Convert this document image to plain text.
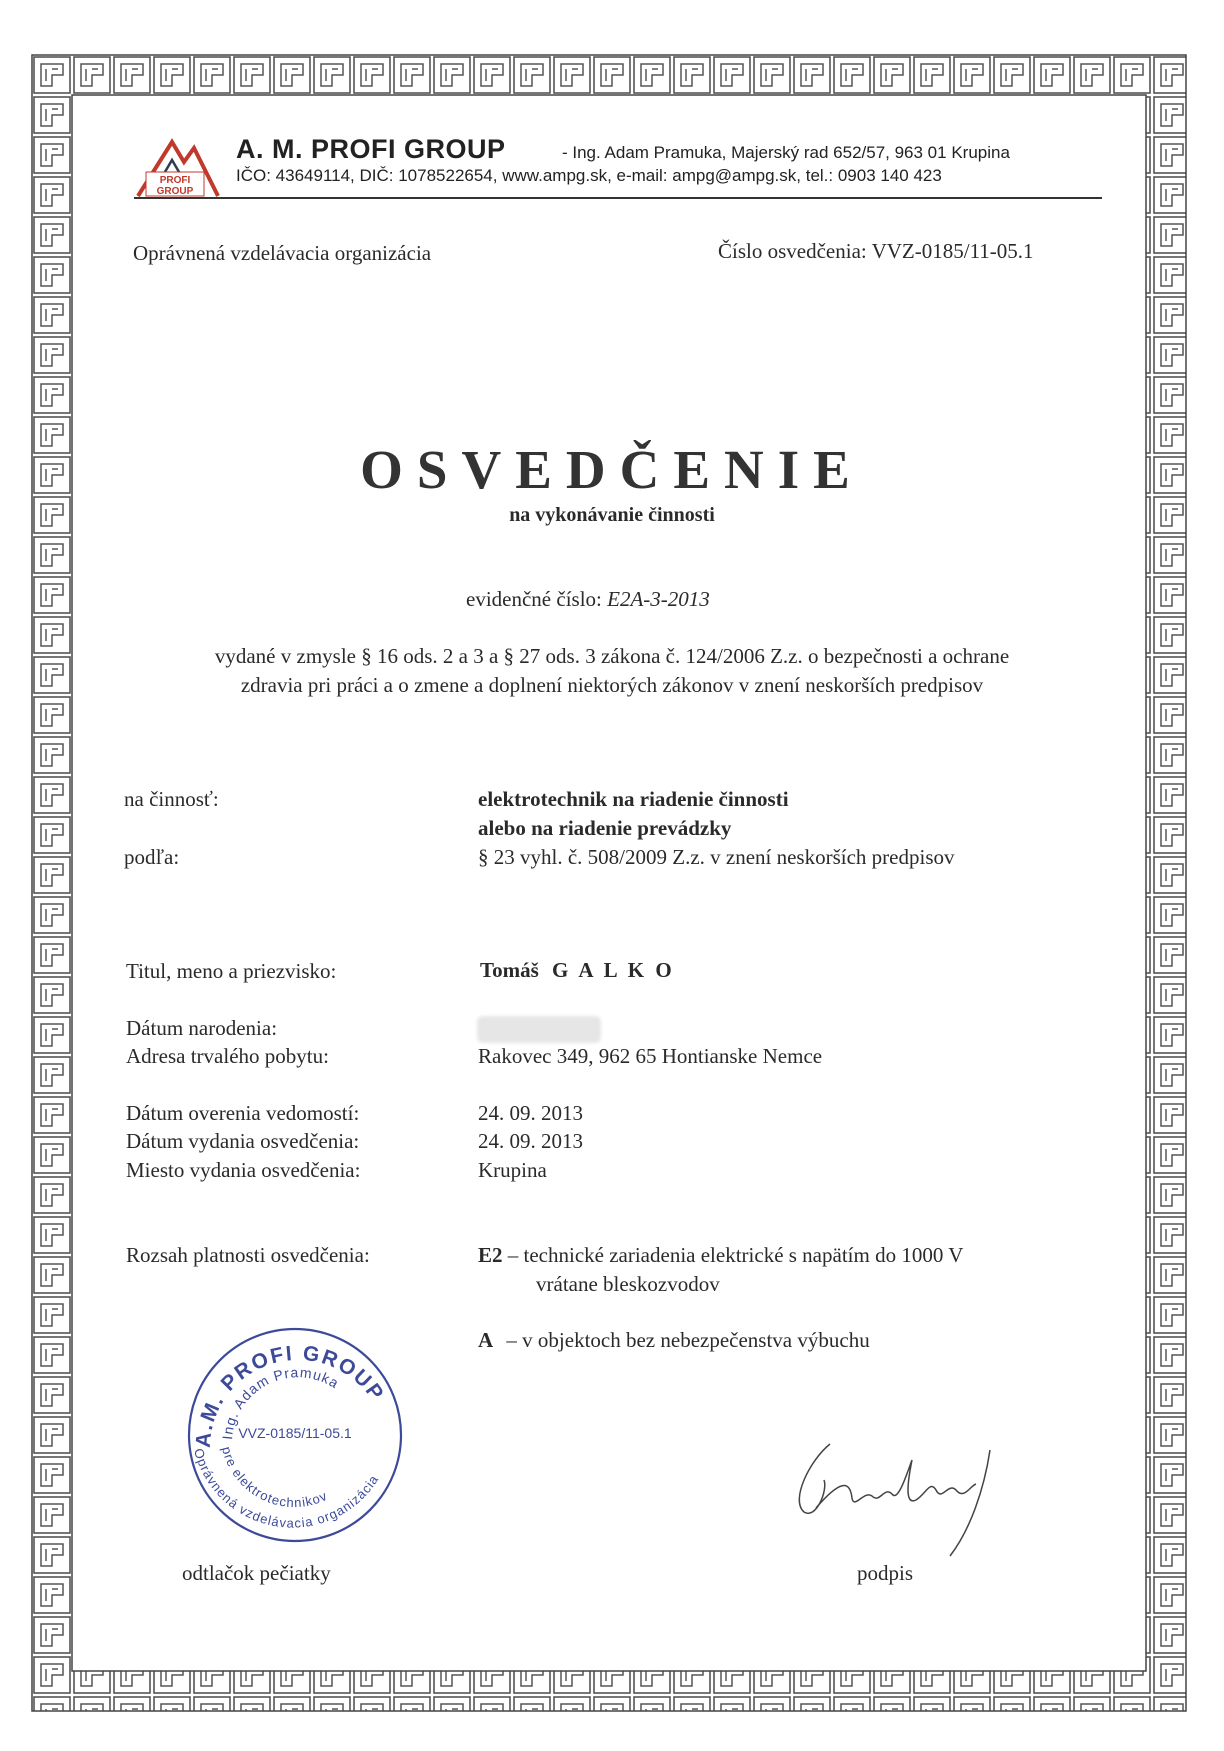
PROFI
GROUP
A. M. PROFI GROUP	- Ing. Adam Pramuka, Majerský rad 652/57, 963 01 Krupina
IČO: 43649114, DIČ: 1078522654, www.ampg.sk, e-mail: ampg@ampg.sk, tel.: 0903 140 423
Oprávnená vzdelávacia organizácia	Číslo osvedčenia: VVZ-0185/11-05.1
OSVEDČENIE
na vykonávanie činnosti
evidenčné číslo: E2A-3-2013
vydané v zmysle § 16 ods. 2 a 3 a § 27 ods. 3 zákona č. 124/2006 Z.z. o bezpečnosti a ochrane
zdravia pri práci a o zmene a doplnení niektorých zákonov v znení neskorších predpisov
na činnosť:	elektrotechnik na riadenie činnosti
alebo na riadenie prevádzky
podľa:	§ 23 vyhl. č. 508/2009 Z.z. v znení neskorších predpisov
Titul, meno a priezvisko:	Tomáš G A L K O
Dátum narodenia:
Adresa trvalého pobytu:	Rakovec 349, 962 65 Hontianske Nemce
Dátum overenia vedomostí:	24. 09. 2013
Dátum vydania osvedčenia:	24. 09. 2013
Miesto vydania osvedčenia:	Krupina
Rozsah platnosti osvedčenia:	E2 – technické zariadenia elektrické s napätím do 1000 V
vrátane bleskozvodov
A – v objektoch bez nebezpečenstva výbuchu
A.M. PROFI GROUP
Ing. Adam Pramuka
VVZ-0185/11-05.1
Oprávnená vzdelávacia organizácia
pre elektrotechnikov
odtlačok pečiatky	podpis
